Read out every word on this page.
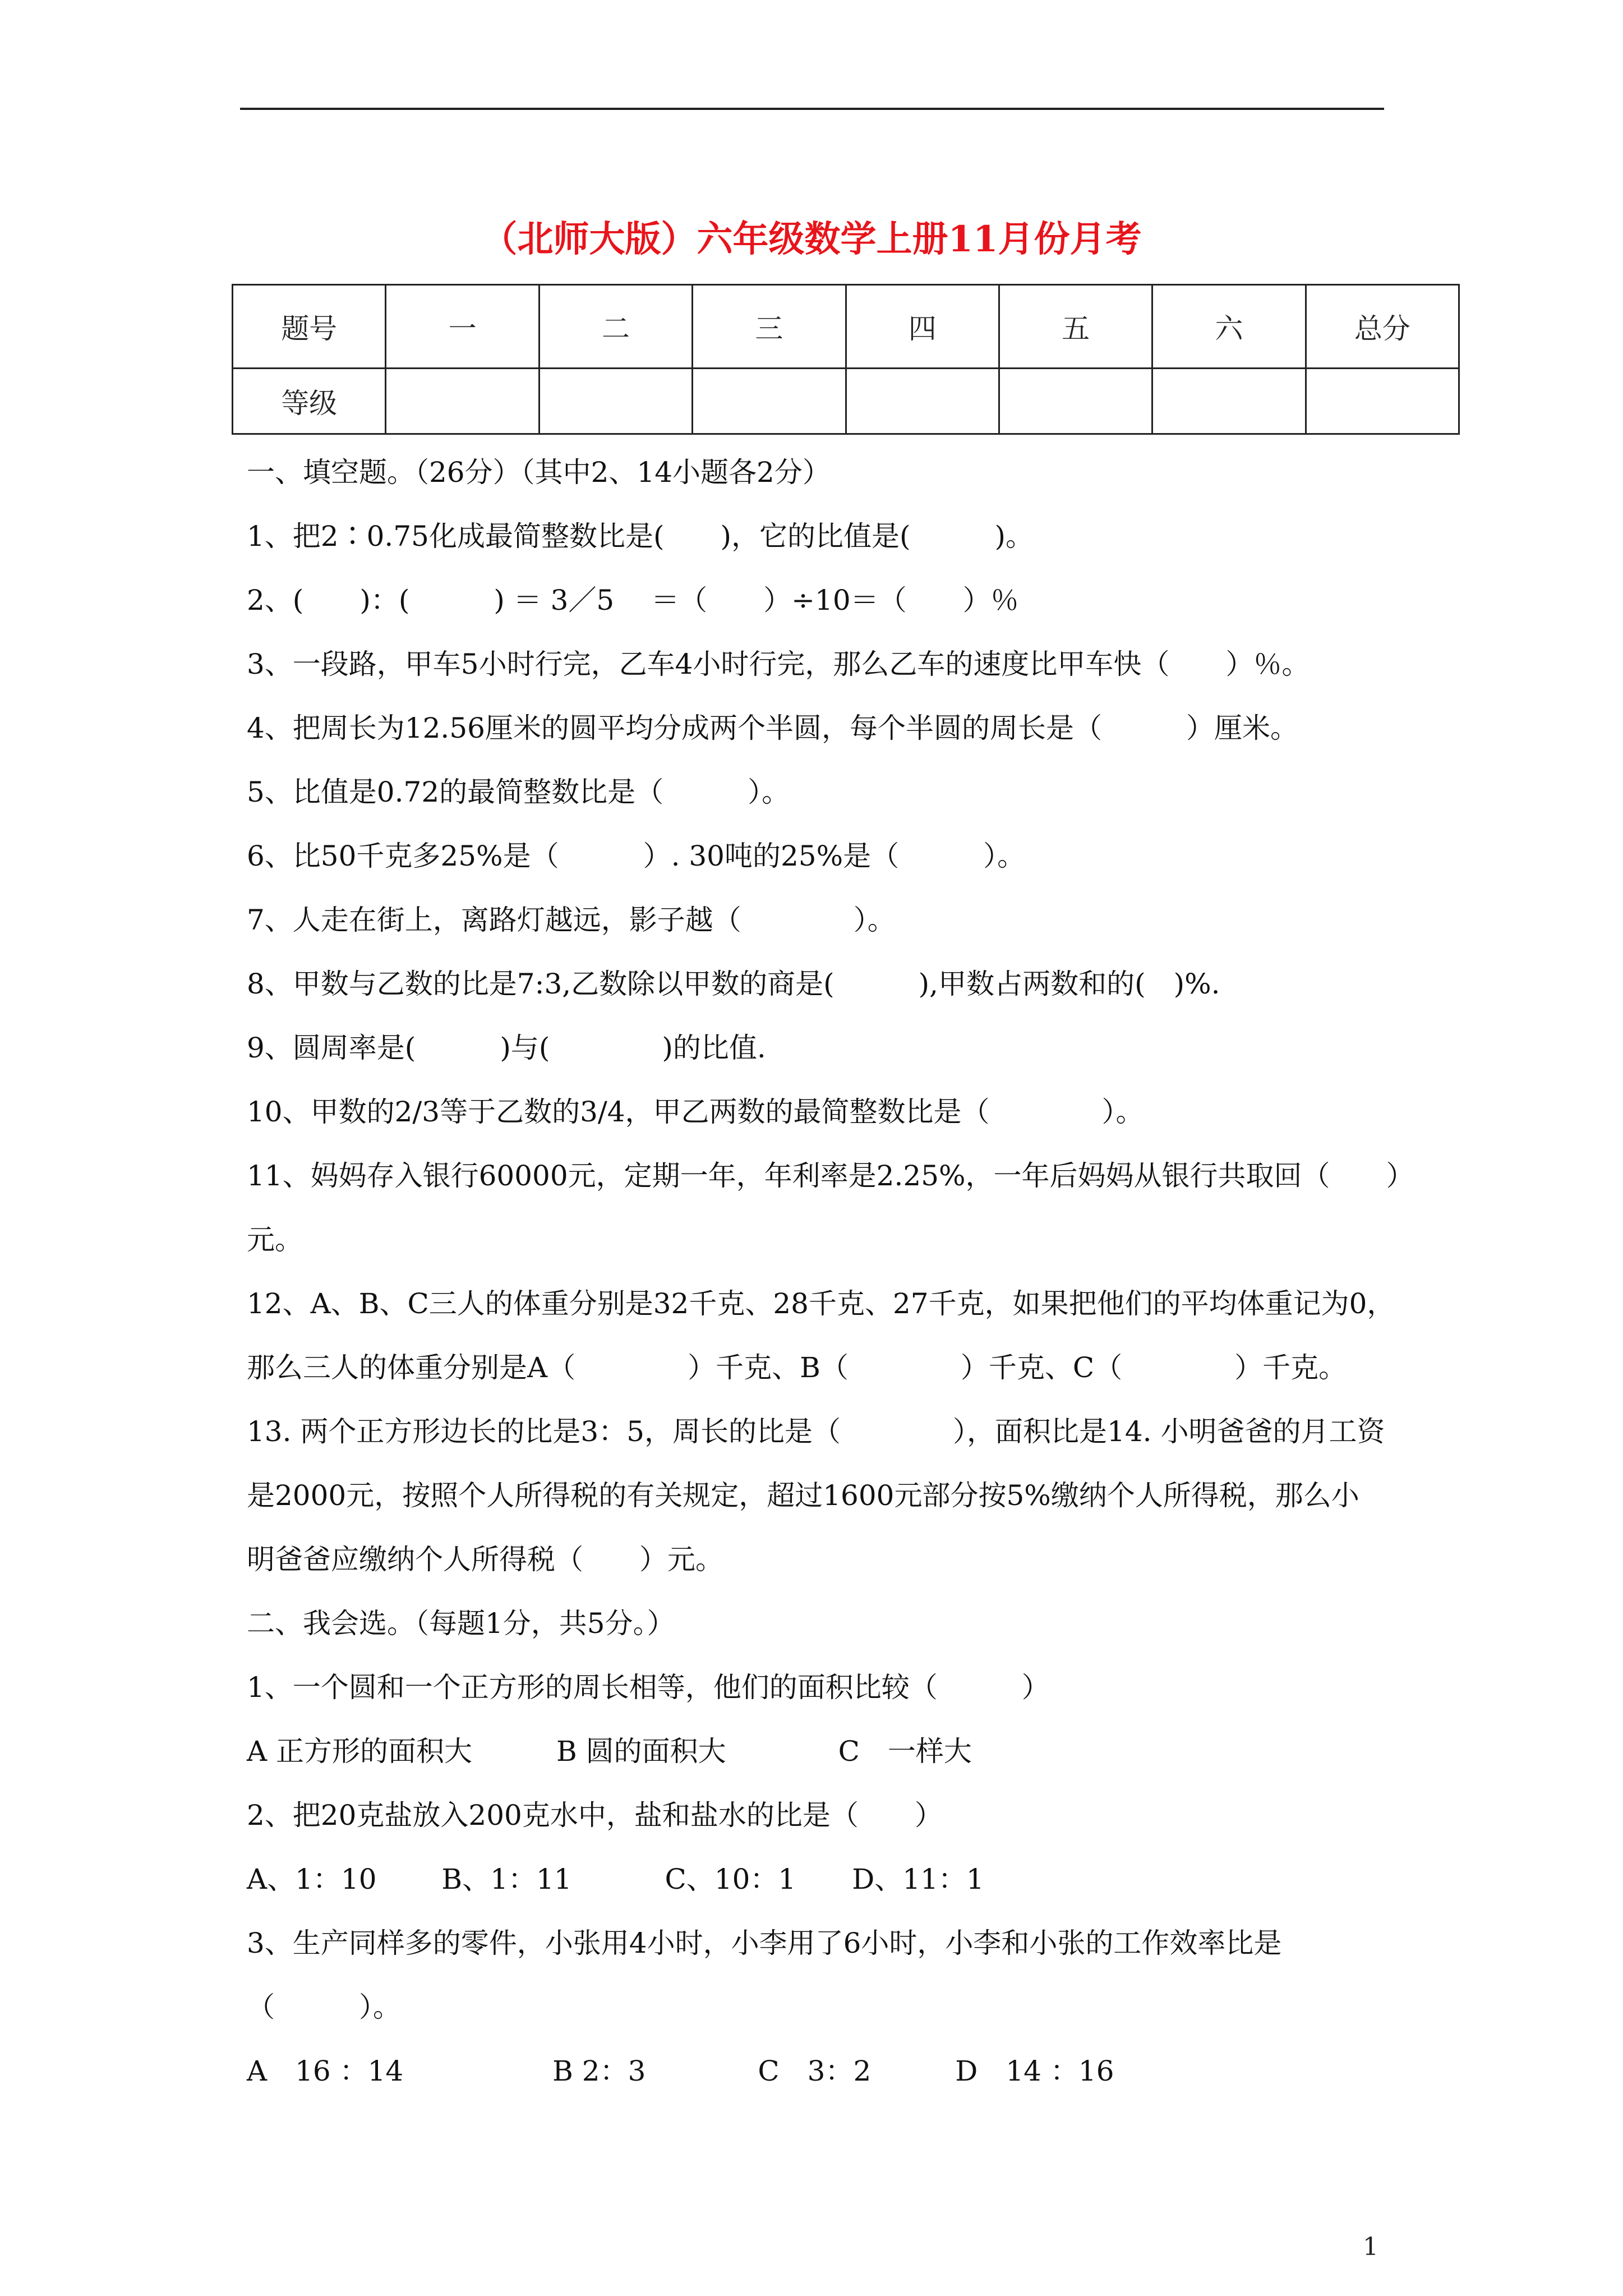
（北师大版）六年级数学上册11月份月考
题号	一	二	三	四	五	六	总分
等级							
一、填空题。（26分）（其中2、14小题各2分）
1、把2∶0.75化成最简整数比是(　　)，它的比值是(　　　)。
2、(　　)：(　　　) ＝ 3／5　 ＝（　　）÷10＝（　　）％
3、一段路，甲车5小时行完，乙车4小时行完，那么乙车的速度比甲车快（　　）％。
4、把周长为12.56厘米的圆平均分成两个半圆，每个半圆的周长是（　　　）厘米。
5、比值是0.72的最简整数比是（　　　）。
6、比50千克多25%是（　　　）. 30吨的25%是（　　　）。
7、人走在街上，离路灯越远，影子越（　　　　）。
8、甲数与乙数的比是7:3,乙数除以甲数的商是(　　　),甲数占两数和的(　)%.
9、圆周率是(　　　)与(　　　　)的比值.
10、甲数的2/3等于乙数的3/4，甲乙两数的最简整数比是（　　　　）。
11、妈妈存入银行60000元，定期一年，年利率是2.25%，一年后妈妈从银行共取回（　　）
元。
12、A、B、C三人的体重分别是32千克、28千克、27千克，如果把他们的平均体重记为0，
那么三人的体重分别是A（　　　　）千克、B（　　　　）千克、C（　　　　）千克。
13. 两个正方形边长的比是3：5，周长的比是（　　　　），面积比是14. 小明爸爸的月工资
是2000元，按照个人所得税的有关规定，超过1600元部分按5%缴纳个人所得税，那么小
明爸爸应缴纳个人所得税（　　）元。
二、我会选。（每题1分，共5分。）
1、一个圆和一个正方形的周长相等，他们的面积比较（　　　）
A 正方形的面积大　　　B 圆的面积大　　　　C　一样大
2、把20克盐放入200克水中，盐和盐水的比是（　　）
A、1：10　　 B、1：11　　　 C、10：1　　D、11：1
3、生产同样多的零件，小张用4小时，小李用了6小时，小李和小张的工作效率比是
（　　　）。
A　16 ：14　　　　　 B 2：3　　　　C　3：2　　　D　14 ：16
1
